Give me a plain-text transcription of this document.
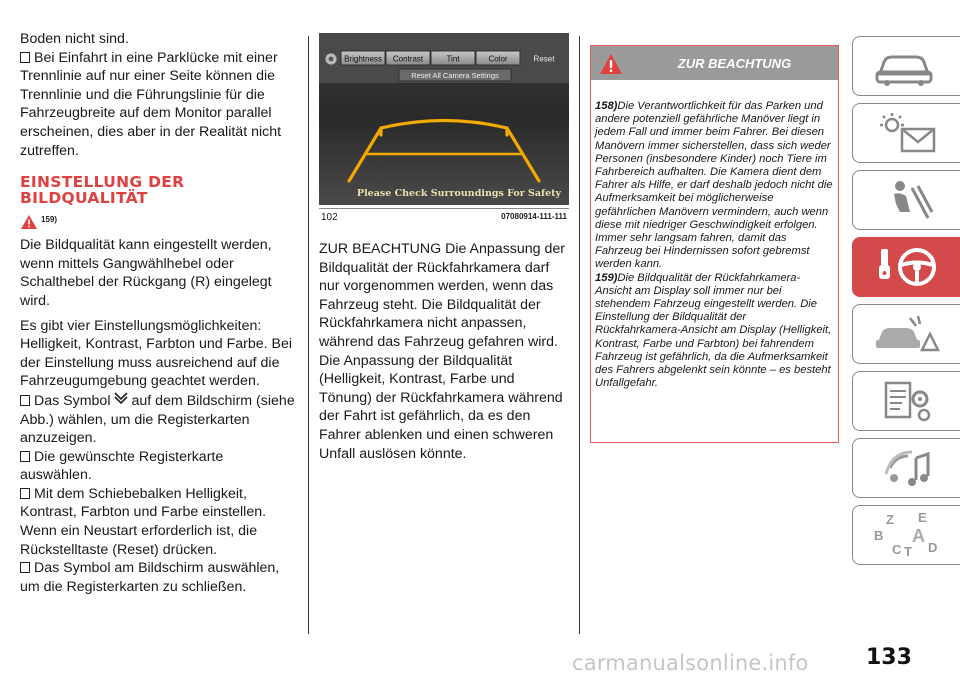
Boden nicht sind.

Bei Einfahrt in eine Parklücke mit einer Trennlinie auf nur einer Seite können die Trennlinie und die Führungslinie für die Fahrzeugbreite auf dem Monitor parallel erscheinen, dies aber in der Realität nicht zutreffen.

EINSTELLUNG DER BILDQUALITÄT
159)

Die Bildqualität kann eingestellt werden, wenn mittels Gangwählhebel oder Schalthebel der Rückgang (R) eingelegt wird.

Es gibt vier Einstellungsmöglichkeiten: Helligkeit, Kontrast, Farbton und Farbe. Bei der Einstellung muss ausreichend auf die Fahrzeugumgebung geachtet werden.

Das Symbol auf dem Bildschirm (siehe Abb.) wählen, um die Registerkarten anzuzeigen.

Die gewünschte Registerkarte auswählen.

Mit dem Schiebebalken Helligkeit, Kontrast, Farbton und Farbe einstellen. Wenn ein Neustart erforderlich ist, die Rückstelltaste (Reset) drücken.

Das Symbol am Bildschirm auswählen, um die Registerkarten zu schließen.

Brightness Contrast	Tint	Color	Reset
Reset All Camera Settings
Please Check Surroundings For Safety
102	07080914-111-111

ZUR BEACHTUNG Die Anpassung der Bildqualität der Rückfahrkamera darf nur vorgenommen werden, wenn das Fahrzeug steht. Die Bildqualität der Rückfahrkamera nicht anpassen, während das Fahrzeug gefahren wird. Die Anpassung der Bildqualität (Helligkeit, Kontrast, Farbe und Tönung) der Rückfahrkamera während der Fahrt ist gefährlich, da es den Fahrer ablenken und einen schweren Unfall auslösen könnte.

ZUR BEACHTUNG

158)Die Verantwortlichkeit für das Parken und andere potenziell gefährliche Manöver liegt in jedem Fall und immer beim Fahrer. Bei diesen Manövern immer sicherstellen, dass sich weder Personen (insbesondere Kinder) noch Tiere im Fahrbereich aufhalten. Die Kamera dient dem Fahrer als Hilfe, er darf deshalb jedoch nicht die Aufmerksamkeit bei möglicherweise gefährlichen Manövern vermindern, auch wenn diese mit niedriger Geschwindigkeit erfolgen. Immer sehr langsam fahren, damit das Fahrzeug bei Hindernissen sofort gebremst werden kann.

159)Die Bildqualität der Rückfahrkamera-Ansicht am Display soll immer nur bei stehendem Fahrzeug eingestellt werden. Die Einstellung der Bildqualität der Rückfahrkamera-Ansicht am Display (Helligkeit, Kontrast, Farbe und Farbton) bei fahrendem Fahrzeug ist gefährlich, da die Aufmerksamkeit des Fahrers abgelenkt sein könnte – es besteht Unfallgefahr.

Z E
B A
C T D
133
carmanualsonline.info
